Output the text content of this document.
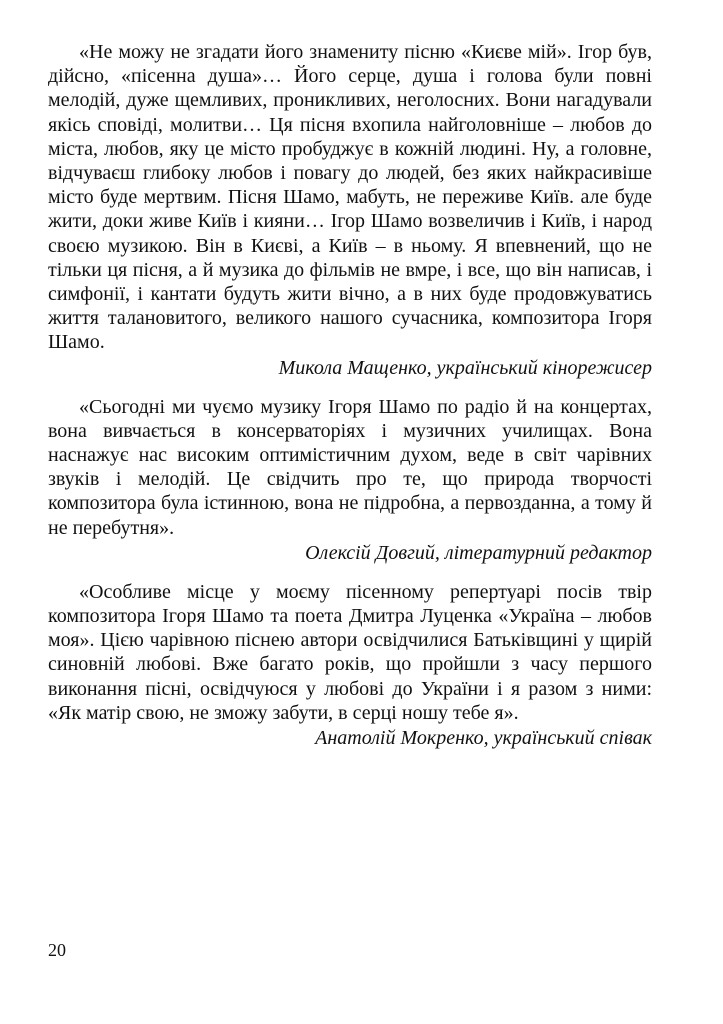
«Не можу не згадати його знамениту пісню «Києве мій». Ігор був, дійсно, «пісенна душа»… Його серце, душа і голова були повні мелодій, дуже щемливих, проникливих, неголосних. Вони нагадували якісь сповіді, молитви… Ця пісня вхопила найголовніше – любов до міста, любов, яку це місто пробуджує в кожній людині. Ну, а головне, відчуваєш глибоку любов і повагу до людей, без яких найкрасивіше місто буде мертвим. Пісня Шамо, мабуть, не переживе Київ. але буде жити, доки живе Київ і кияни… Ігор Шамо возвеличив і Київ, і народ своєю музикою. Він в Києві, а Київ – в ньому. Я впевнений, що не тільки ця пісня, а й музика до фільмів не вмре, і все, що він написав, і симфонії, і кантати будуть жити вічно, а в них буде продовжуватись життя талановитого, великого нашого сучасника, композитора Ігоря Шамо.

Микола Мащенко, український кінорежисер

«Сьогодні ми чуємо музику Ігоря Шамо по радіо й на концертах, вона вивчається в консерваторіях і музичних училищах. Вона наснажує нас високим оптимістичним духом, веде в світ чарівних звуків і мелодій. Це свідчить про те, що природа творчості композитора була істинною, вона не підробна, а первозданна, а тому й не перебутня».

Олексій Довгий, літературний редактор

«Особливе місце у моєму пісенному репертуарі посів твір композитора Ігоря Шамо та поета Дмитра Луценка «Україна – любов моя». Цією чарівною піснею автори освідчилися Батьківщині у щирій синовній любові. Вже багато років, що пройшли з часу першого виконання пісні, освідчуюся у любові до України і я разом з ними: «Як матір свою, не зможу забути, в серці ношу тебе я».

Анатолій Мокренко, український співак

20
